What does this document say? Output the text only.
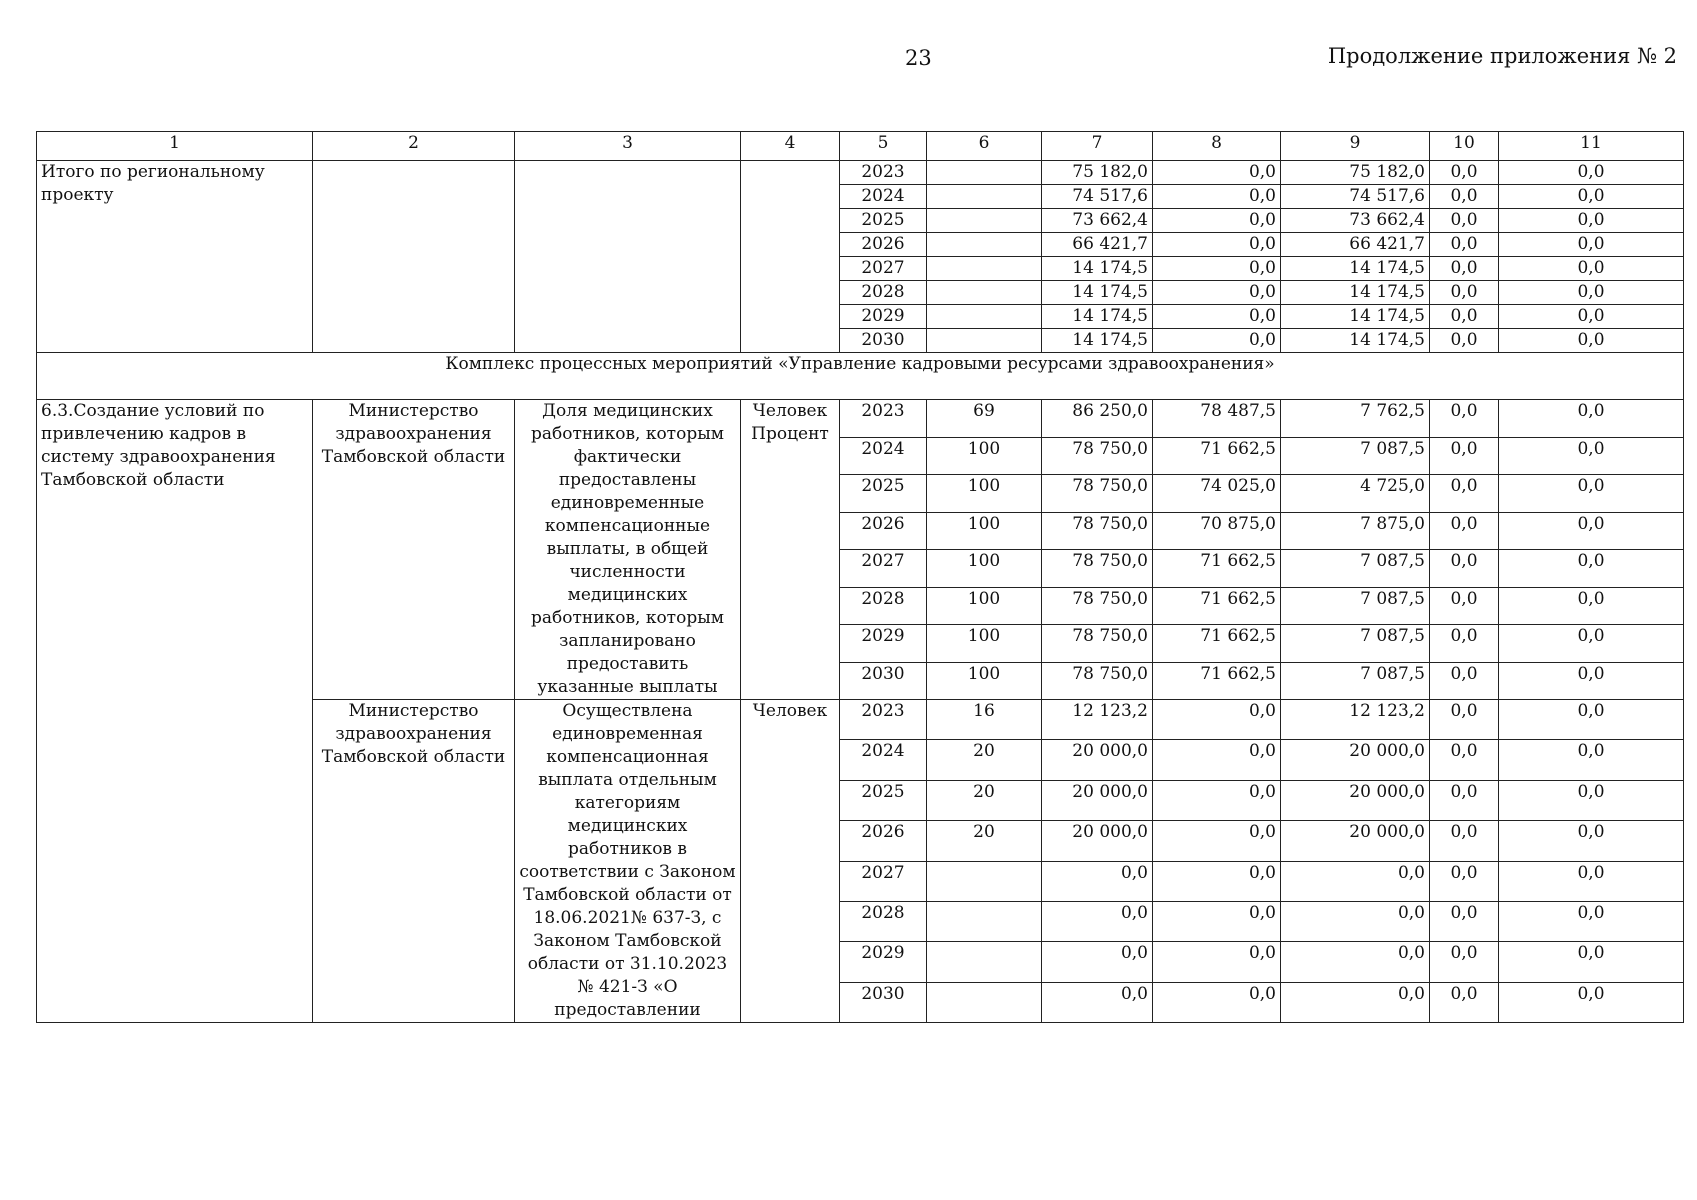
23	Продолжение приложения № 2
1	2	3	4	5	6	7	8	9	10	11
Итого по региональному проекту				2023		75 182,0	0,0	75 182,0	0,0	0,0
				2024		74 517,6	0,0	74 517,6	0,0	0,0
				2025		73 662,4	0,0	73 662,4	0,0	0,0
				2026		66 421,7	0,0	66 421,7	0,0	0,0
				2027		14 174,5	0,0	14 174,5	0,0	0,0
				2028		14 174,5	0,0	14 174,5	0,0	0,0
				2029		14 174,5	0,0	14 174,5	0,0	0,0
				2030		14 174,5	0,0	14 174,5	0,0	0,0
Комплекс процессных мероприятий «Управление кадровыми ресурсами здравоохранения»										
6.3.Создание условий по привлечению кадров в систему здравоохранения Тамбовской области	Министерство здравоохранения Тамбовской области	Доля медицинских работников, которым фактически предоставлены единовременные компенсационные выплаты, в общей численности медицинских работников, которым запланировано предоставить указанные выплаты	Человек Процент	2023	69	86 250,0	78 487,5	7 762,5	0,0	0,0
				2024	100	78 750,0	71 662,5	7 087,5	0,0	0,0
				2025	100	78 750,0	74 025,0	4 725,0	0,0	0,0
				2026	100	78 750,0	70 875,0	7 875,0	0,0	0,0
				2027	100	78 750,0	71 662,5	7 087,5	0,0	0,0
				2028	100	78 750,0	71 662,5	7 087,5	0,0	0,0
				2029	100	78 750,0	71 662,5	7 087,5	0,0	0,0
				2030	100	78 750,0	71 662,5	7 087,5	0,0	0,0
	Министерство здравоохранения Тамбовской области	Осуществлена единовременная компенсационная выплата отдельным категориям медицинских работников в соответствии с Законом Тамбовской области от 18.06.2021№ 637-З, с Законом Тамбовской области от 31.10.2023 № 421-З «О предоставлении	Человек	2023	16	12 123,2	0,0	12 123,2	0,0	0,0
				2024	20	20 000,0	0,0	20 000,0	0,0	0,0
				2025	20	20 000,0	0,0	20 000,0	0,0	0,0
				2026	20	20 000,0	0,0	20 000,0	0,0	0,0
				2027		0,0	0,0	0,0	0,0	0,0
				2028		0,0	0,0	0,0	0,0	0,0
				2029		0,0	0,0	0,0	0,0	0,0
				2030		0,0	0,0	0,0	0,0	0,0
